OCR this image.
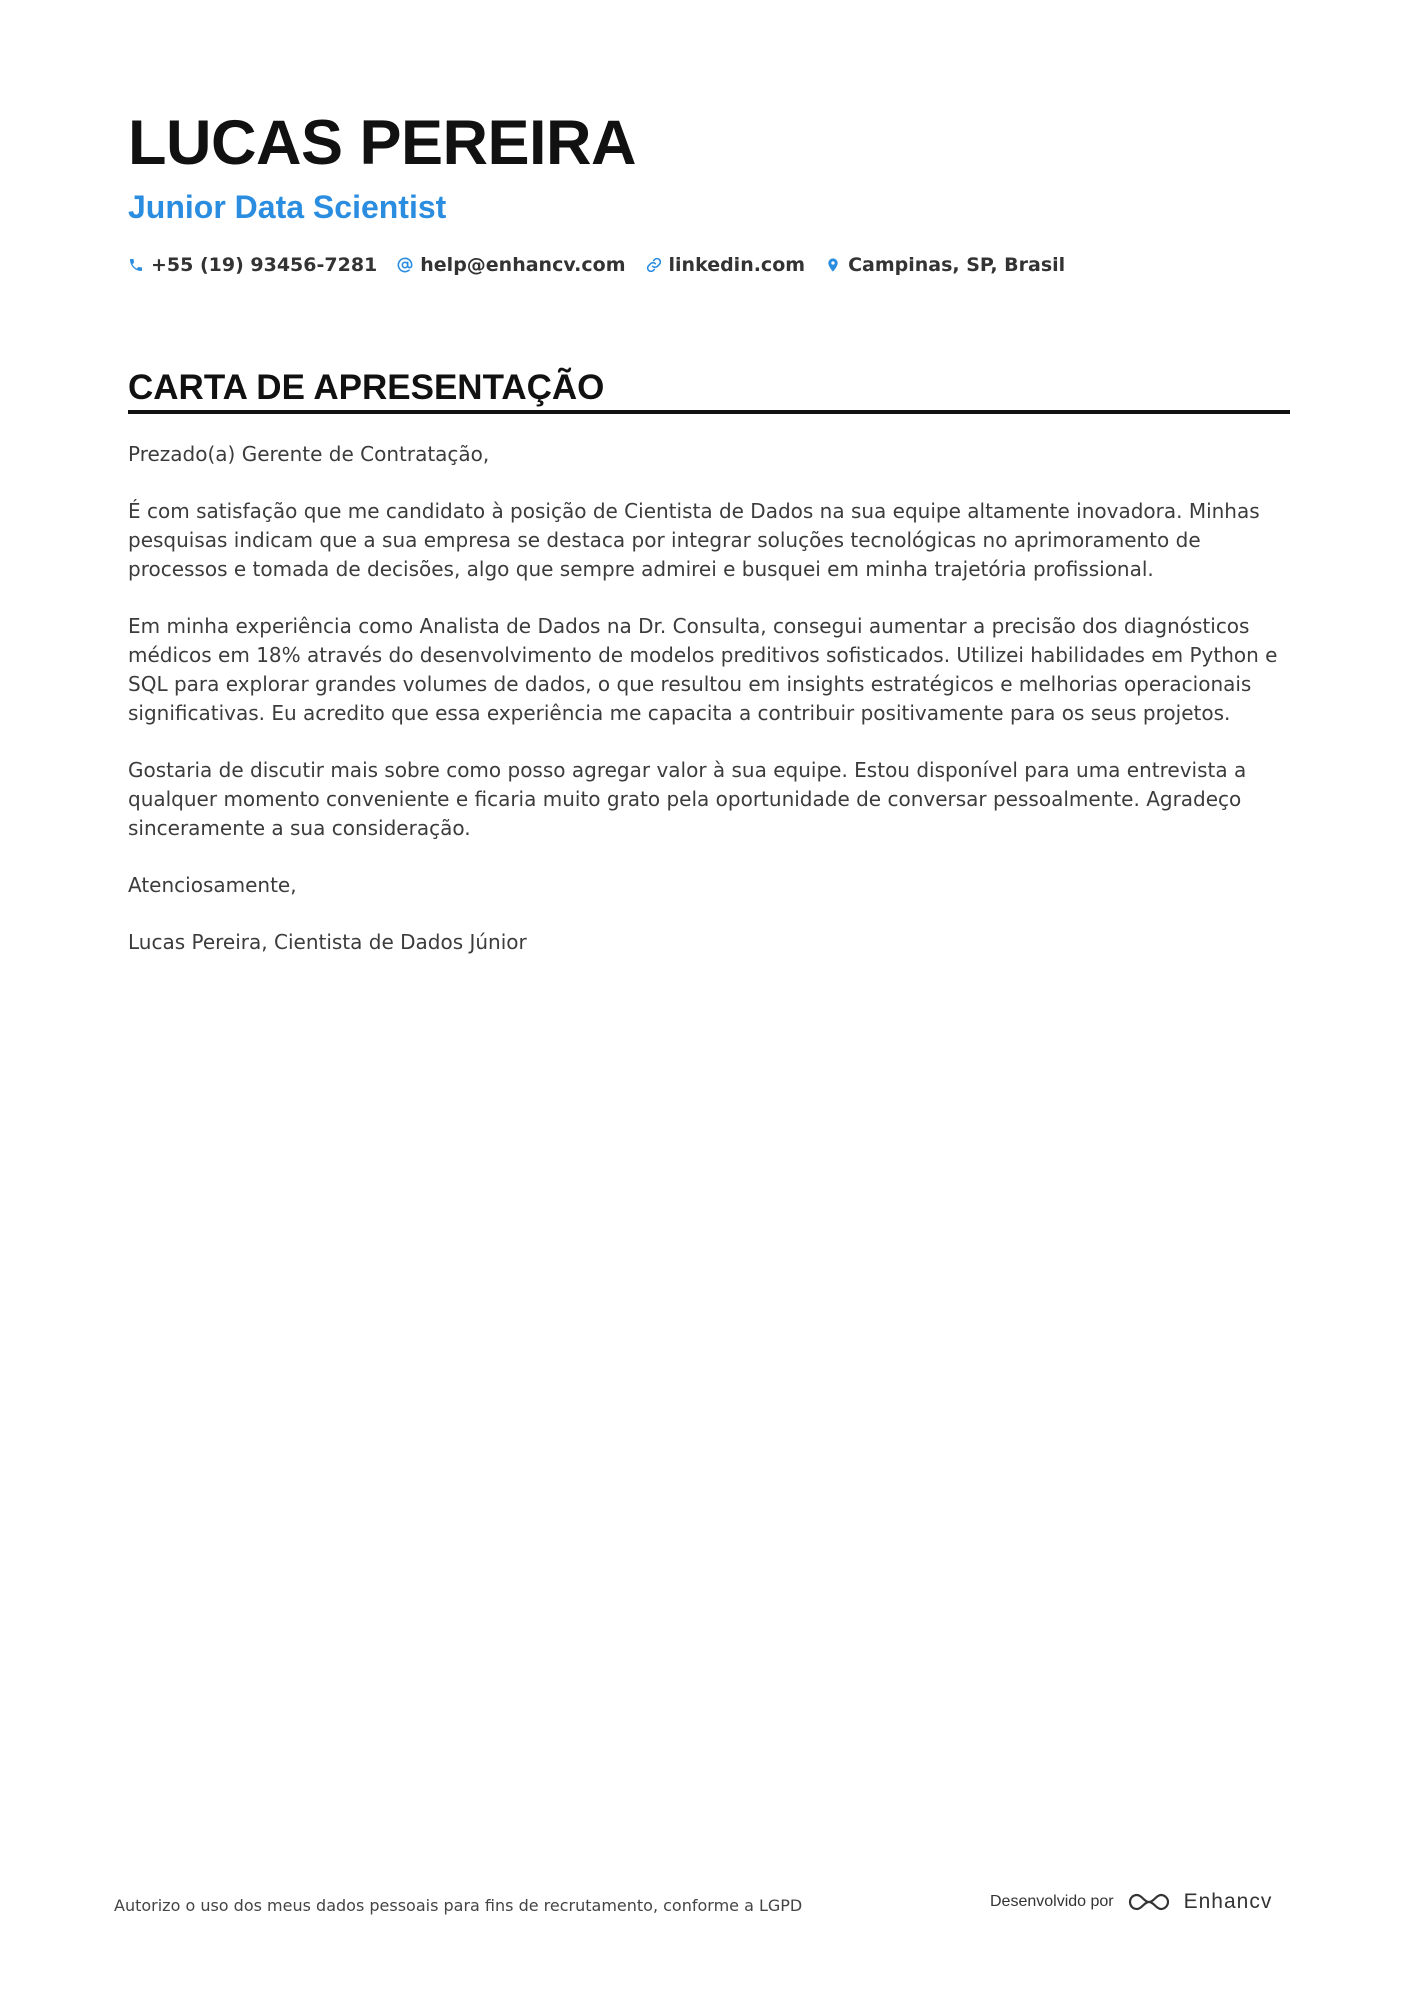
LUCAS PEREIRA
Junior Data Scientist
+55 (19) 93456-7281 help@enhancv.com linkedin.com Campinas, SP, Brasil
CARTA DE APRESENTAÇÃO

Prezado(a) Gerente de Contratação,

É com satisfação que me candidato à posição de Cientista de Dados na sua equipe altamente inovadora. Minhas pesquisas indicam que a sua empresa se destaca por integrar soluções tecnológicas no aprimoramento de processos e tomada de decisões, algo que sempre admirei e busquei em minha trajetória profissional.

Em minha experiência como Analista de Dados na Dr. Consulta, consegui aumentar a precisão dos diagnósticos médicos em 18% através do desenvolvimento de modelos preditivos sofisticados. Utilizei habilidades em Python e SQL para explorar grandes volumes de dados, o que resultou em insights estratégicos e melhorias operacionais significativas. Eu acredito que essa experiência me capacita a contribuir positivamente para os seus projetos.

Gostaria de discutir mais sobre como posso agregar valor à sua equipe. Estou disponível para uma entrevista a qualquer momento conveniente e ficaria muito grato pela oportunidade de conversar pessoalmente. Agradeço sinceramente a sua consideração.

Atenciosamente,

Lucas Pereira, Cientista de Dados Júnior

Autorizo o uso dos meus dados pessoais para fins de recrutamento, conforme a LGPD	Desenvolvido por	Enhancv
